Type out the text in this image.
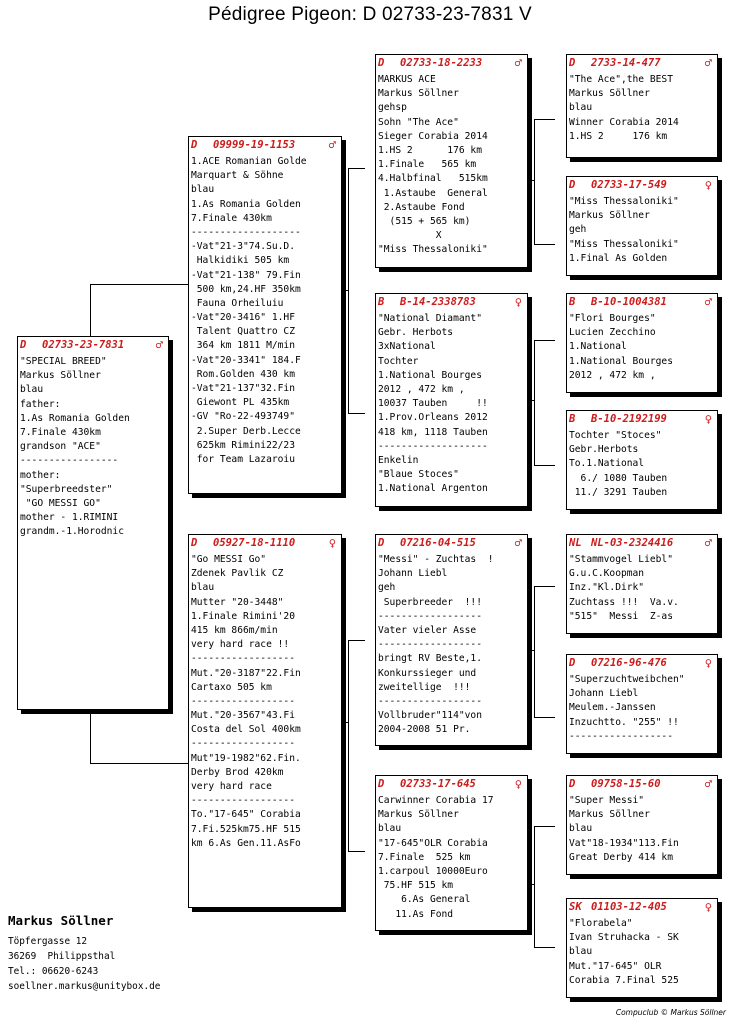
Pédigree Pigeon: D 02733-23-7831 V
D	02733-23-7831	♂
"SPECIAL BREED"
Markus Söllner
blau
father:
1.As Romania Golden
7.Finale 430km
grandson "ACE"
-----------------
mother:
"Superbreedster"
"GO MESSI GO"
mother - 1.RIMINI
grandm.-1.Horodnic
D	09999-19-1153	♂
1.ACE Romanian Golde
Marquart & Söhne
blau
1.As Romania Golden
7.Finale 430km
-------------------
-Vat"21-3"74.Su.D.
Halkidiki 505 km
-Vat"21-138" 79.Fin
500 km,24.HF 350km
Fauna Orheiluiu
-Vat"20-3416" 1.HF
Talent Quattro CZ
364 km 1811 M/min
-Vat"20-3341" 184.F
Rom.Golden 430 km
-Vat"21-137"32.Fin
Giewont PL 435km
-GV "Ro-22-493749"
2.Super Derb.Lecce
625km Rimini22/23
for Team Lazaroiu
D	05927-18-1110	♀
"Go MESSI Go"
Zdenek Pavlik CZ
blau
Mutter "20-3448"
1.Finale Rimini'20
415 km 866m/min
very hard race !!
------------------
Mut."20-3187"22.Fin
Cartaxo 505 km
------------------
Mut."20-3567"43.Fi
Costa del Sol 400km
------------------
Mut"19-1982"62.Fin.
Derby Brod 420km
very hard race
------------------
To."17-645" Corabia
7.Fi.525km75.HF 515
km 6.As Gen.11.AsFo
D	02733-18-2233	♂
MARKUS ACE
Markus Söllner
gehsp
Sohn "The Ace"
Sieger Corabia 2014
1.HS 2      176 km
1.Finale   565 km
4.Halbfinal   515km
1.Astaube  General
2.Astaube Fond
(515 + 565 km)
X
"Miss Thessaloniki"
B	B-14-2338783	♀
"National Diamant"
Gebr. Herbots
3xNational
Tochter
1.National Bourges
2012 , 472 km ,
10037 Tauben     !!
1.Prov.Orleans 2012
418 km, 1118 Tauben
-------------------
Enkelin
"Blaue Stoces"
1.National Argenton
D	07216-04-515	♂
"Messi" - Zuchtas  !
Johann Liebl
geh
Superbreeder  !!!
------------------
Vater vieler Asse
------------------
bringt RV Beste,1.
Konkurssieger und
zweitellige  !!!
------------------
Vollbruder"114"von
2004-2008 51 Pr.
D	02733-17-645	♀
Carwinner Corabia 17
Markus Söllner
blau
"17-645"OLR Corabia
7.Finale  525 km
1.carpoul 10000Euro
75.HF 515 km
6.As General
11.As Fond
D	2733-14-477	♂
"The Ace",the BEST
Markus Söllner
blau
Winner Corabia 2014
1.HS 2     176 km
D	02733-17-549	♀
"Miss Thessaloniki"
Markus Söllner
geh
"Miss Thessaloniki"
1.Final As Golden
B	B-10-1004381	♂
"Flori Bourges"
Lucien Zecchino
1.National
1.National Bourges
2012 , 472 km ,
B	B-10-2192199	♀
Tochter "Stoces"
Gebr.Herbots
To.1.National
6./ 1080 Tauben
11./ 3291 Tauben
NL NL-03-2324416	♂
"Stammvogel Liebl"
G.u.C.Koopman
Inz."Kl.Dirk"
Zuchtass !!!  Va.v.
"515"  Messi  Z-as
D	07216-96-476	♀
"Superzuchtweibchen"
Johann Liebl
Meulem.-Janssen
Inzuchtto. "255" !!
------------------
D	09758-15-60	♂
"Super Messi"
Markus Söllner
blau
Vat"18-1934"113.Fin
Great Derby 414 km
SK 01103-12-405	♀
"Florabela"
Ivan Struhacka - SK
blau
Mut."17-645" OLR
Corabia 7.Final 525
Markus Söllner
Töpfergasse 12
36269  Philippsthal
Tel.: 06620-6243
soellner.markus@unitybox.de
Compuclub © Markus Söllner
